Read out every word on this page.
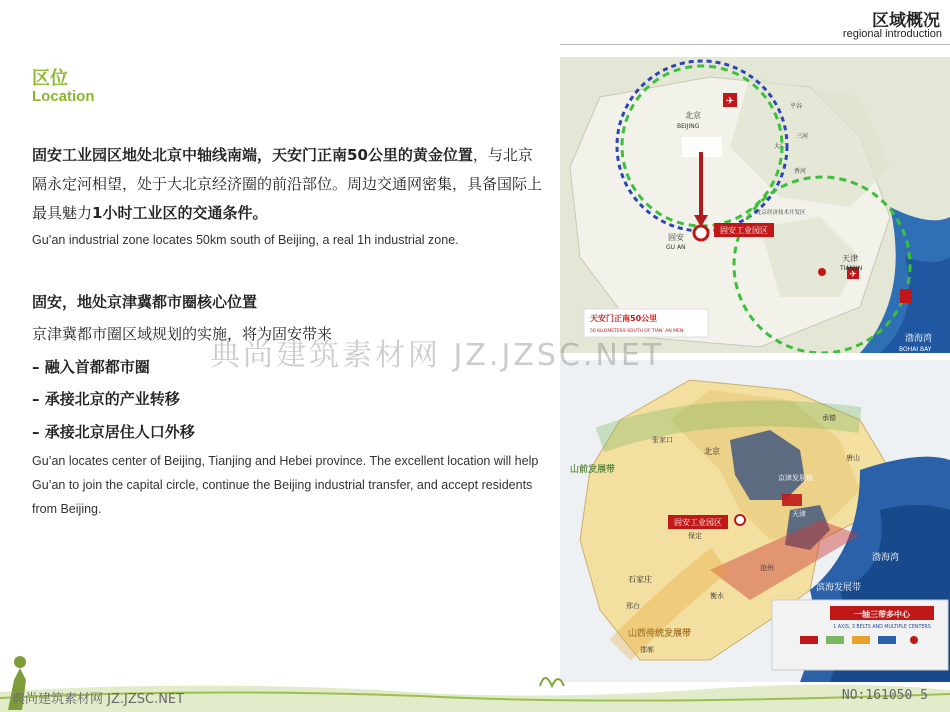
区域概况
regional introduction
区位
Location
固安工业园区地处北京中轴线南端，天安门正南50公里的黄金位置，与北京隔永定河相望，处于大北京经济圈的前沿部位。周边交通网密集，具备国际上最具魅力1小时工业区的交通条件。
Gu’an industrial zone locates 50km south of Beijing, a real 1h industrial zone.
固安，地处京津冀都市圈核心位置
京津冀都市圈区域规划的实施，将为固安带来
– 融入首都都市圈
– 承接北京的产业转移
– 承接北京居住人口外移
Gu’an locates center of Beijing, Tianjing and Hebei province. The excellent location will help Gu’an to join the capital circle, continue the Beijing industrial transfer, and accept residents from Beijing.
固安工业园区
✈
✈
北京
BEIJING
天津
TIANJIN
固安
GU AN
平谷
三河
大厂
香河
北京经济技术开发区
渤海湾
BOHAI BAY
天安门正南50公里
50 KILOMETERS SOUTH OF TIAN’ AN MEN
固安工业园区
北京
天津
石家庄
渤海湾
山前发展带
滨海发展带
山西传统发展带
京津发展轴
唐山
承德
保定
沧州
衡水
邢台
邯郸
张家口
一轴三带多中心
1 AXIS, 3 BELTS AND MULTIPLE CENTERS
典尚建筑素材网 JZ.JZSC.NET
典尚建筑素材网 JZ.JZSC.NET	NO:161050 5
